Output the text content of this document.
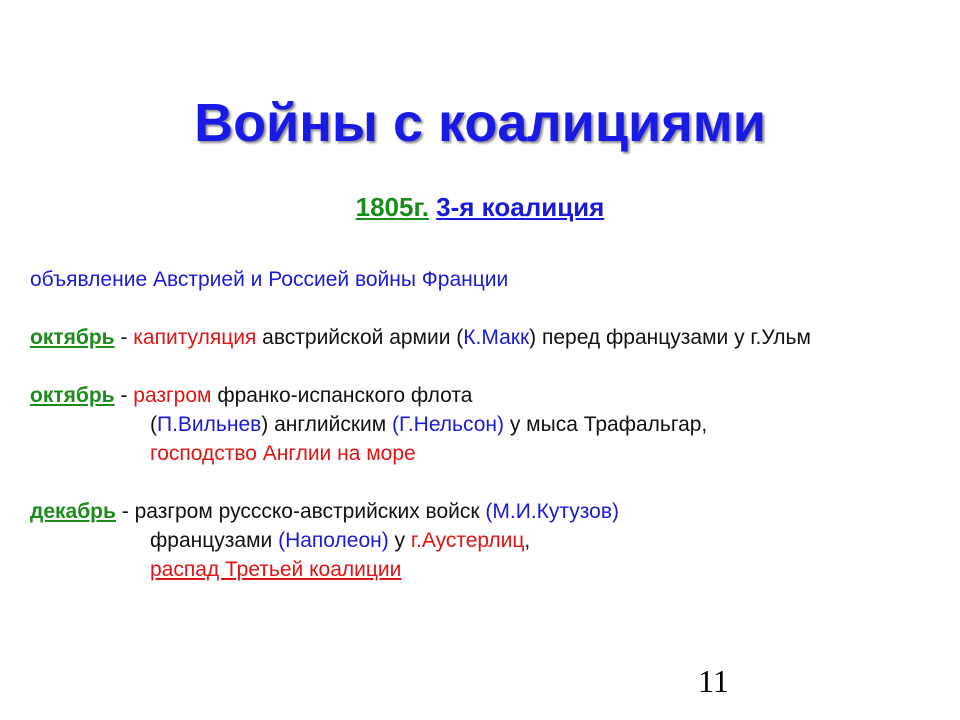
Войны с коалициями
1805г. 3-я коалиция
объявление Австрией и Россией войны Франции
октябрь - капитуляция австрийской армии (К.Макк) перед французами у г.Ульм
октябрь - разгром франко-испанского флота
(П.Вильнев) английским (Г.Нельсон) у мыса Трафальгар,
господство Англии на море
декабрь - разгром руссско-австрийских войск (М.И.Кутузов)
французами (Наполеон) у г.Аустерлиц,
распад Третьей коалиции
11
